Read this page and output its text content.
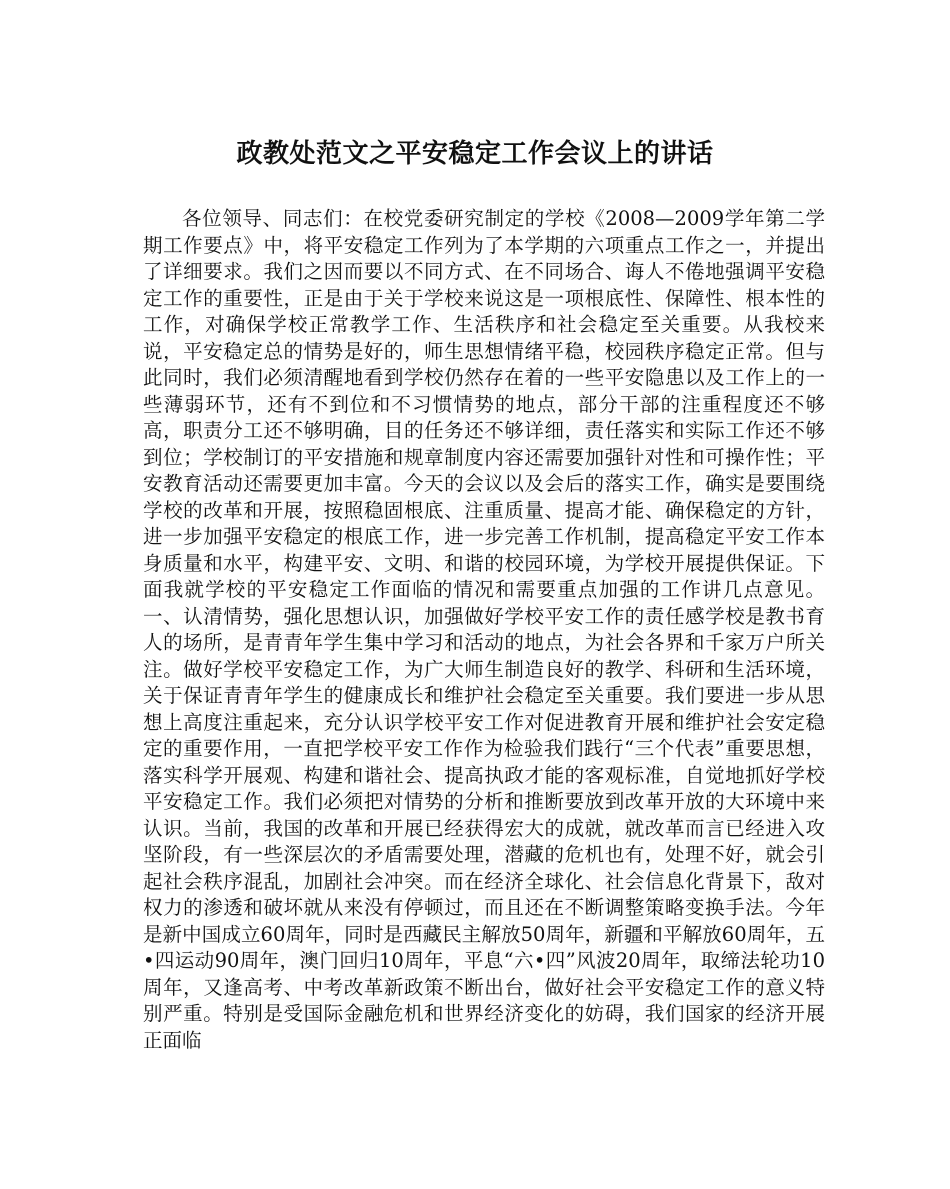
政教处范文之平安稳定工作会议上的讲话

各位领导、同志们：在校党委研究制定的学校《2008—2009学年第二学期工作要点》中，将平安稳定工作列为了本学期的六项重点工作之一，并提出了详细要求。我们之因而要以不同方式、在不同场合、诲人不倦地强调平安稳定工作的重要性，正是由于关于学校来说这是一项根底性、保障性、根本性的工作，对确保学校正常教学工作、生活秩序和社会稳定至关重要。从我校来说，平安稳定总的情势是好的，师生思想情绪平稳，校园秩序稳定正常。但与此同时，我们必须清醒地看到学校仍然存在着的一些平安隐患以及工作上的一些薄弱环节，还有不到位和不习惯情势的地点，部分干部的注重程度还不够高，职责分工还不够明确，目的任务还不够详细，责任落实和实际工作还不够到位；学校制订的平安措施和规章制度内容还需要加强针对性和可操作性；平安教育活动还需要更加丰富。今天的会议以及会后的落实工作，确实是要围绕学校的改革和开展，按照稳固根底、注重质量、提高才能、确保稳定的方针，进一步加强平安稳定的根底工作，进一步完善工作机制，提高稳定平安工作本身质量和水平，构建平安、文明、和谐的校园环境，为学校开展提供保证。下面我就学校的平安稳定工作面临的情况和需要重点加强的工作讲几点意见。一、认清情势，强化思想认识，加强做好学校平安工作的责任感学校是教书育人的场所，是青青年学生集中学习和活动的地点，为社会各界和千家万户所关注。做好学校平安稳定工作，为广大师生制造良好的教学、科研和生活环境，关于保证青青年学生的健康成长和维护社会稳定至关重要。我们要进一步从思想上高度注重起来，充分认识学校平安工作对促进教育开展和维护社会安定稳定的重要作用，一直把学校平安工作作为检验我们践行“三个代表”重要思想，落实科学开展观、构建和谐社会、提高执政才能的客观标准，自觉地抓好学校平安稳定工作。我们必须把对情势的分析和推断要放到改革开放的大环境中来认识。当前，我国的改革和开展已经获得宏大的成就，就改革而言已经进入攻坚阶段，有一些深层次的矛盾需要处理，潜藏的危机也有，处理不好，就会引起社会秩序混乱，加剧社会冲突。而在经济全球化、社会信息化背景下，敌对权力的渗透和破坏就从来没有停顿过，而且还在不断调整策略变换手法。今年是新中国成立60周年，同时是西藏民主解放50周年，新疆和平解放60周年，五•四运动90周年，澳门回归10周年，平息“六•四”风波20周年，取缔法轮功10周年，又逢高考、中考改革新政策不断出台，做好社会平安稳定工作的意义特别严重。特别是受国际金融危机和世界经济变化的妨碍，我们国家的经济开展正面临
